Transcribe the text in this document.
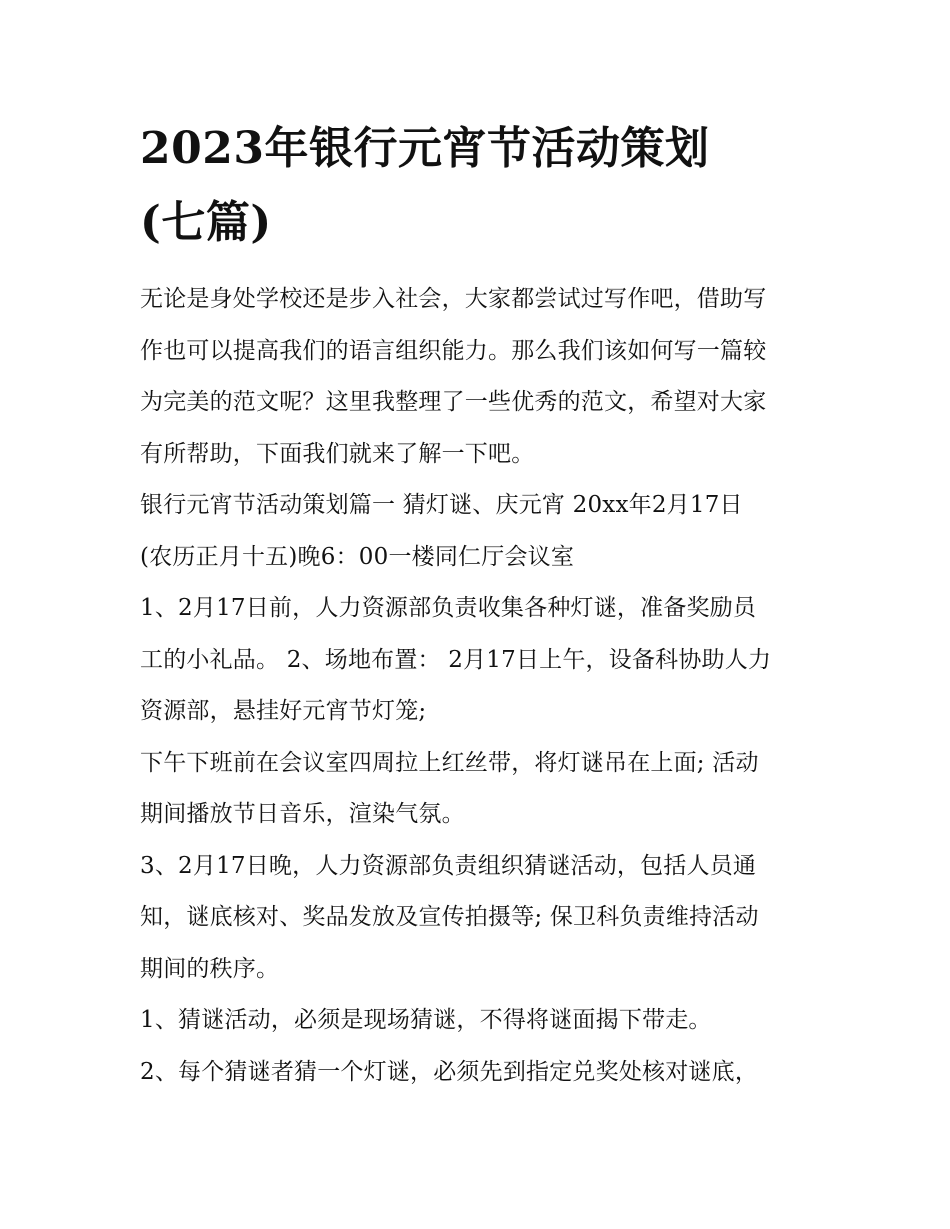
2023年银行元宵节活动策划
(七篇)
无论是身处学校还是步入社会，大家都尝试过写作吧，借助写
作也可以提高我们的语言组织能力。那么我们该如何写一篇较
为完美的范文呢？这里我整理了一些优秀的范文，希望对大家
有所帮助，下面我们就来了解一下吧。
银行元宵节活动策划篇一 猜灯谜、庆元宵 20xx年2月17日
(农历正月十五)晚6：00一楼同仁厅会议室
1、2月17日前，人力资源部负责收集各种灯谜，准备奖励员
工的小礼品。 2、场地布置： 2月17日上午，设备科协助人力
资源部，悬挂好元宵节灯笼;
下午下班前在会议室四周拉上红丝带，将灯谜吊在上面; 活动
期间播放节日音乐，渲染气氛。
3、2月17日晚，人力资源部负责组织猜谜活动，包括人员通
知，谜底核对、奖品发放及宣传拍摄等; 保卫科负责维持活动
期间的秩序。
1、猜谜活动，必须是现场猜谜，不得将谜面揭下带走。
2、每个猜谜者猜一个灯谜，必须先到指定兑奖处核对谜底，
